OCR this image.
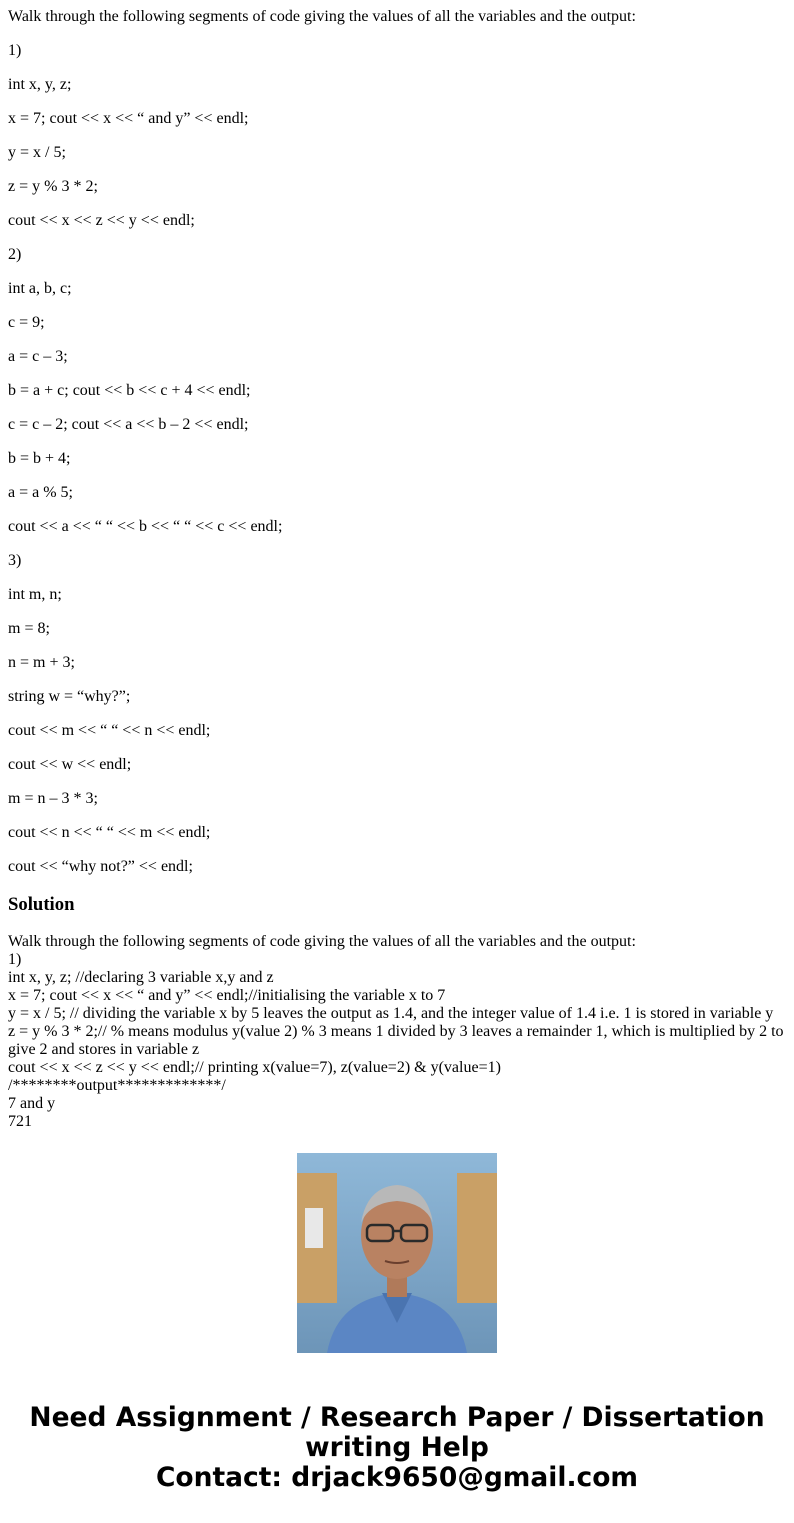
Walk through the following segments of code giving the values of all the variables and the output:

1)

int x, y, z;

x = 7; cout << x << “ and y” << endl;

y = x / 5;

z = y % 3 * 2;

cout << x << z << y << endl;

2)

int a, b, c;

c = 9;

a = c – 3;

b = a + c; cout << b << c + 4 << endl;

c = c – 2; cout << a << b – 2 << endl;

b = b + 4;

a = a % 5;

cout << a << “ “ << b << “ “ << c << endl;

3)

int m, n;

m = 8;

n = m + 3;

string w = “why?”;

cout << m << “ “ << n << endl;

cout << w << endl;

m = n – 3 * 3;

cout << n << “ “ << m << endl;

cout << “why not?” << endl;

Solution
Walk through the following segments of code giving the values of all the variables and the output:
1)
int x, y, z; //declaring 3 variable x,y and z
x = 7; cout << x << “ and y” << endl;//initialising the variable x to 7
y = x / 5; // dividing the variable x by 5 leaves the output as 1.4, and the integer value of 1.4 i.e. 1 is stored in variable y
z = y % 3 * 2;// % means modulus y(value 2) % 3 means 1 divided by 3 leaves a remainder 1, which is multiplied by 2 to give 2 and stores in variable z
cout << x << z << y << endl;// printing x(value=7), z(value=2) & y(value=1)
/********output*************/
7 and y
721
Need Assignment / Research Paper / Dissertation
writing Help
Contact: drjack9650@gmail.com
